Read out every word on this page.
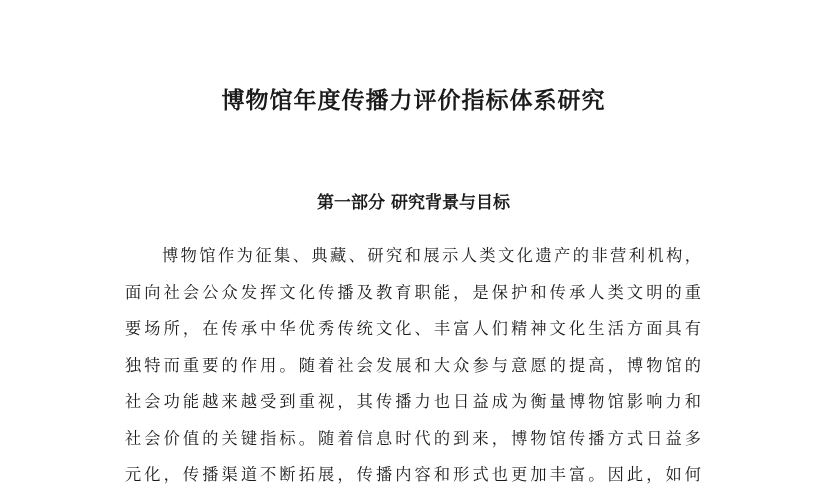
博物馆年度传播力评价指标体系研究
第一部分 研究背景与目标
博物馆作为征集、典藏、研究和展示人类文化遗产的非营利机构，
面向社会公众发挥文化传播及教育职能，是保护和传承人类文明的重
要场所，在传承中华优秀传统文化、丰富人们精神文化生活方面具有
独特而重要的作用。随着社会发展和大众参与意愿的提高，博物馆的
社会功能越来越受到重视，其传播力也日益成为衡量博物馆影响力和
社会价值的关键指标。随着信息时代的到来，博物馆传播方式日益多
元化，传播渠道不断拓展，传播内容和形式也更加丰富。因此，如何
